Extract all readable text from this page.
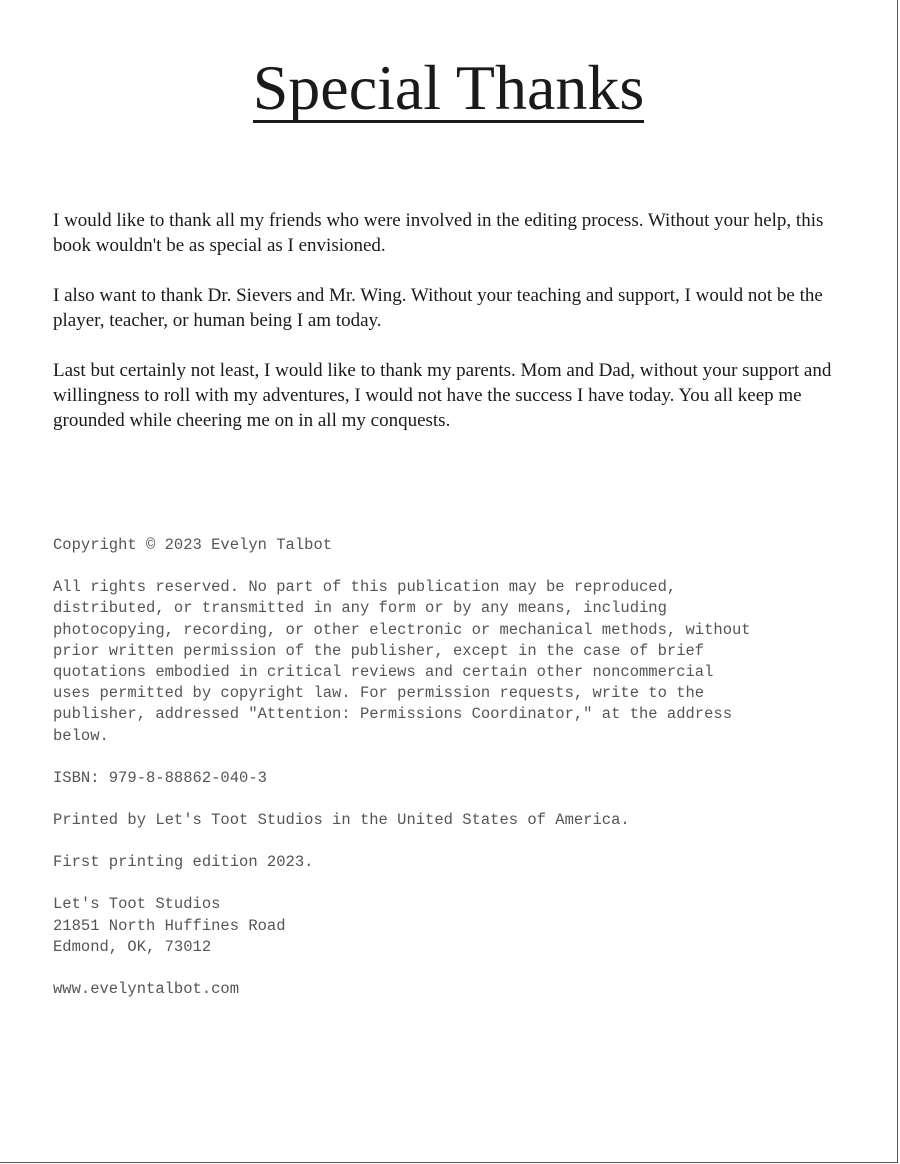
Special Thanks

I would like to thank all my friends who were involved in the editing process. Without your help, this book wouldn't be as special as I envisioned.

I also want to thank Dr. Sievers and Mr. Wing. Without your teaching and support, I would not be the player, teacher, or human being I am today.

Last but certainly not least, I would like to thank my parents. Mom and Dad, without your support and willingness to roll with my adventures, I would not have the success I have today. You all keep me grounded while cheering me on in all my conquests.

Copyright © 2023 Evelyn Talbot

All rights reserved. No part of this publication may be reproduced,
distributed, or transmitted in any form or by any means, including
photocopying, recording, or other electronic or mechanical methods, without
prior written permission of the publisher, except in the case of brief
quotations embodied in critical reviews and certain other noncommercial
uses permitted by copyright law. For permission requests, write to the
publisher, addressed "Attention: Permissions Coordinator," at the address
below.

ISBN: 979-8-88862-040-3

Printed by Let's Toot Studios in the United States of America.

First printing edition 2023.

Let's Toot Studios
21851 North Huffines Road
Edmond, OK, 73012

www.evelyntalbot.com
